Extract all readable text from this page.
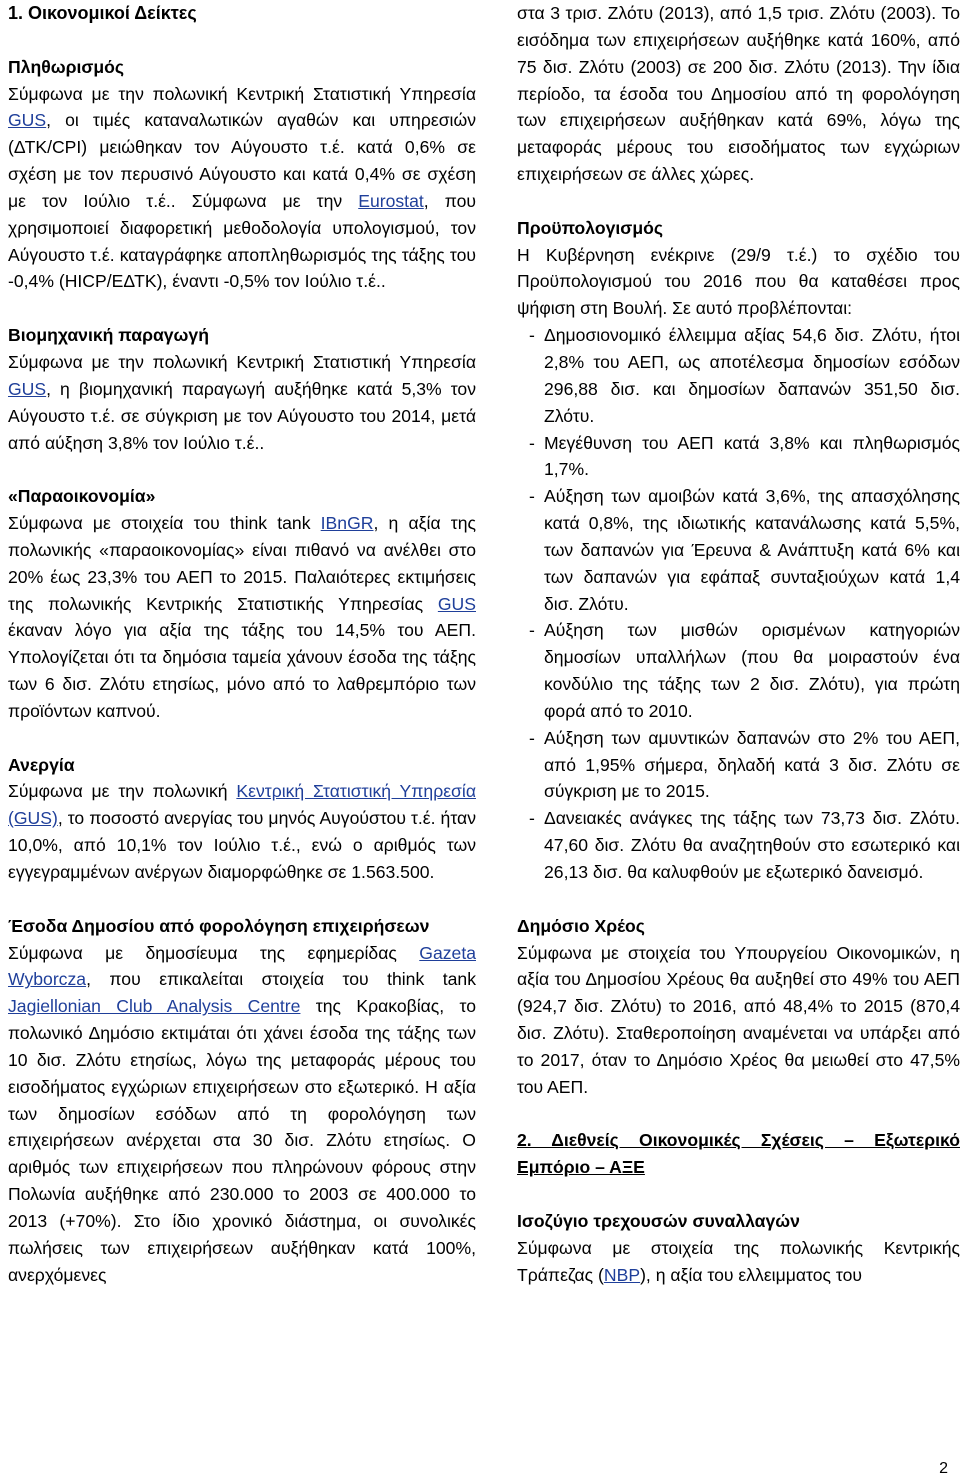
1. Οικονομικοί Δείκτες

Πληθωρισμός

Σύμφωνα με την πολωνική Κεντρική Στατιστική Υπηρεσία GUS, οι τιμές καταναλωτικών αγαθών και υπηρεσιών (ΔΤΚ/CPI) μειώθηκαν τον Αύγουστο τ.έ. κατά 0,6% σε σχέση με τον περυσινό Αύγουστο και κατά 0,4% σε σχέση με τον Ιούλιο τ.έ.. Σύμφωνα με την Eurostat, που χρησιμοποιεί διαφορετική μεθοδολογία υπολογισμού, τον Αύγουστο τ.έ. καταγράφηκε αποπληθωρισμός της τάξης του -0,4% (HICP/ΕΔΤΚ), έναντι -0,5% τον Ιούλιο τ.έ..

Βιομηχανική παραγωγή

Σύμφωνα με την πολωνική Κεντρική Στατιστική Υπηρεσία GUS, η βιομηχανική παραγωγή αυξήθηκε κατά 5,3% τον Αύγουστο τ.έ. σε σύγκριση με τον Αύγουστο του 2014, μετά από αύξηση 3,8% τον Ιούλιο τ.έ..

«Παραοικονομία»

Σύμφωνα με στοιχεία του think tank IBnGR, η αξία της πολωνικής «παραοικονομίας» είναι πιθανό να ανέλθει στο 20% έως 23,3% του ΑΕΠ το 2015. Παλαιότερες εκτιμήσεις της πολωνικής Κεντρικής Στατιστικής Υπηρεσίας GUS έκαναν λόγο για αξία της τάξης του 14,5% του ΑΕΠ. Υπολογίζεται ότι τα δημόσια ταμεία χάνουν έσοδα της τάξης των 6 δισ. Ζλότυ ετησίως, μόνο από το λαθρεμπόριο των προϊόντων καπνού.

Ανεργία

Σύμφωνα με την πολωνική Κεντρική Στατιστική Υπηρεσία (GUS), το ποσοστό ανεργίας του μηνός Αυγούστου τ.έ. ήταν 10,0%, από 10,1% τον Ιούλιο τ.έ., ενώ ο αριθμός των εγγεγραμμένων ανέργων διαμορφώθηκε σε 1.563.500.

Έσοδα Δημοσίου από φορολόγηση επιχειρήσεων

Σύμφωνα με δημοσίευμα της εφημερίδας Gazeta Wyborcza, που επικαλείται στοιχεία του think tank Jagiellonian Club Analysis Centre της Κρακοβίας, το πολωνικό Δημόσιο εκτιμάται ότι χάνει έσοδα της τάξης των 10 δισ. Ζλότυ ετησίως, λόγω της μεταφοράς μέρους του εισοδήματος εγχώριων επιχειρήσεων στο εξωτερικό. Η αξία των δημοσίων εσόδων από τη φορολόγηση των επιχειρήσεων ανέρχεται στα 30 δισ. Ζλότυ ετησίως. Ο αριθμός των επιχειρήσεων που πληρώνουν φόρους στην Πολωνία αυξήθηκε από 230.000 το 2003 σε 400.000 το 2013 (+70%). Στο ίδιο χρονικό διάστημα, οι συνολικές πωλήσεις των επιχειρήσεων αυξήθηκαν κατά 100%, ανερχόμενες

στα 3 τρισ. Ζλότυ (2013), από 1,5 τρισ. Ζλότυ (2003). Το εισόδημα των επιχειρήσεων αυξήθηκε κατά 160%, από 75 δισ. Ζλότυ (2003) σε 200 δισ. Ζλότυ (2013). Την ίδια περίοδο, τα έσοδα του Δημοσίου από τη φορολόγηση των επιχειρήσεων αυξήθηκαν κατά 69%, λόγω της μεταφοράς μέρους του εισοδήματος των εγχώριων επιχειρήσεων σε άλλες χώρες.

Προϋπολογισμός

Η Κυβέρνηση ενέκρινε (29/9 τ.έ.) το σχέδιο του Προϋπολογισμού του 2016 που θα καταθέσει προς ψήφιση στη Βουλή. Σε αυτό προβλέπονται:

- Δημοσιονομικό έλλειμμα αξίας 54,6 δισ. Ζλότυ, ήτοι 2,8% του ΑΕΠ, ως αποτέλεσμα δημοσίων εσόδων 296,88 δισ. και δημοσίων δαπανών 351,50 δισ. Ζλότυ.
- Μεγέθυνση του ΑΕΠ κατά 3,8% και πληθωρισμός 1,7%.
- Αύξηση των αμοιβών κατά 3,6%, της απασχόλησης κατά 0,8%, της ιδιωτικής κατανάλωσης κατά 5,5%, των δαπανών για Έρευνα & Ανάπτυξη κατά 6% και των δαπανών για εφάπαξ συνταξιούχων κατά 1,4 δισ. Ζλότυ.
- Αύξηση των μισθών ορισμένων κατηγοριών δημοσίων υπαλλήλων (που θα μοιραστούν ένα κονδύλιο της τάξης των 2 δισ. Ζλότυ), για πρώτη φορά από το 2010.
- Αύξηση των αμυντικών δαπανών στο 2% του ΑΕΠ, από 1,95% σήμερα, δηλαδή κατά 3 δισ. Ζλότυ σε σύγκριση με το 2015.
- Δανειακές ανάγκες της τάξης των 73,73 δισ. Ζλότυ. 47,60 δισ. Ζλότυ θα αναζητηθούν στο εσωτερικό και 26,13 δισ. θα καλυφθούν με εξωτερικό δανεισμό.

Δημόσιο Χρέος

Σύμφωνα με στοιχεία του Υπουργείου Οικονομικών, η αξία του Δημοσίου Χρέους θα αυξηθεί στο 49% του ΑΕΠ (924,7 δισ. Ζλότυ) το 2016, από 48,4% το 2015 (870,4 δισ. Ζλότυ). Σταθεροποίηση αναμένεται να υπάρξει από το 2017, όταν το Δημόσιο Χρέος θα μειωθεί στο 47,5% του ΑΕΠ.

2. Διεθνείς Οικονομικές Σχέσεις – Εξωτερικό Εμπόριο – ΑΞΕ

Ισοζύγιο τρεχουσών συναλλαγών

Σύμφωνα με στοιχεία της πολωνικής Κεντρικής Τράπεζας (NBP), η αξία του ελλειμματος του

2
